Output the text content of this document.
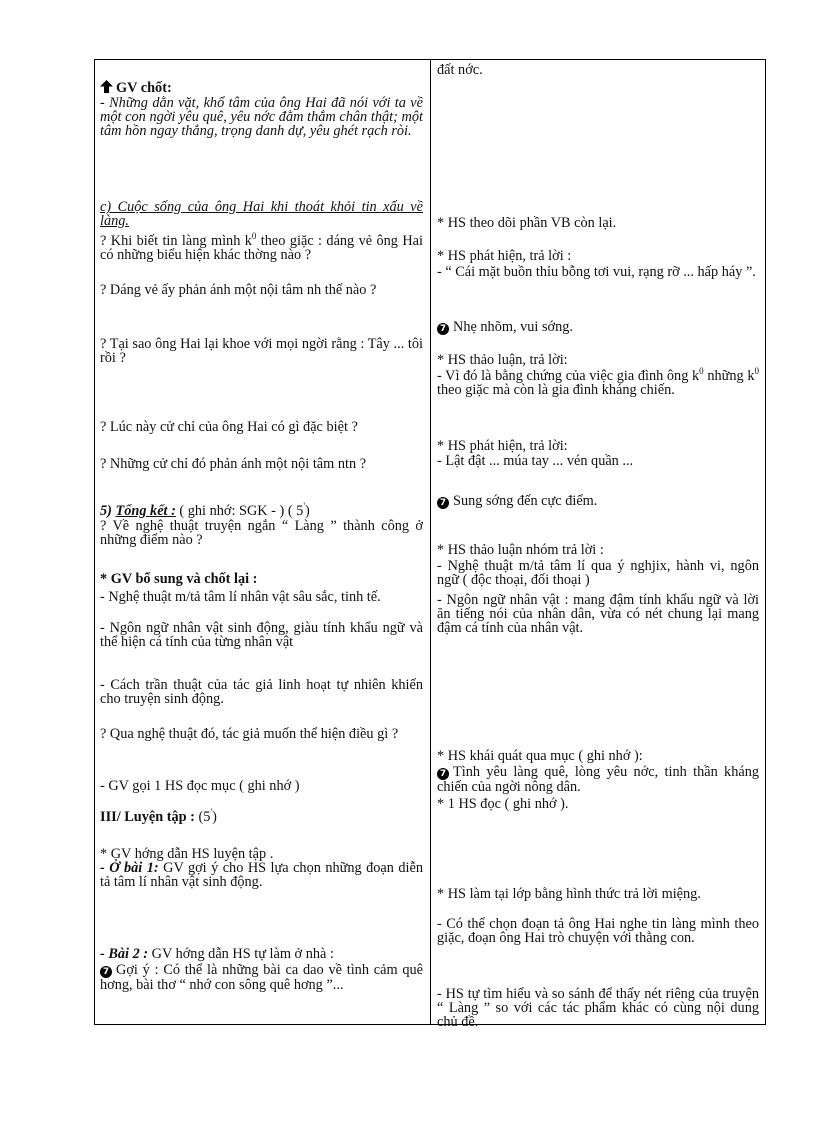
GV chốt:
- Những dằn vặt, khổ tâm của ông Hai đã nói với ta về một con ngời yêu quê, yêu nớc đằm thắm chân thật; một tâm hồn ngay thẳng, trọng danh dự, yêu ghét rạch ròi.
c) Cuộc sống của ông Hai khi thoát khỏi tin xấu về làng.
? Khi biết tin làng mình $k^0$ theo giặc : dáng vẻ ông Hai có những biểu hiện khác thờng nào ?
? Dáng vẻ ấy phản ánh một nội tâm nh thế nào ?
? Tại sao ông Hai lại khoe với mọi ngời rằng : Tây ... tôi rồi ?
? Lúc này cử chỉ của ông Hai có gì đặc biệt ?
? Những cử chỉ đó phản ánh một nội tâm ntn ?
5) Tổng kết : ( ghi nhớ: SGK - ) ( 5')
? Về nghệ thuật truyện ngắn “ Làng ” thành công ở những điểm nào ?
* GV bổ sung và chốt lại :
- Nghệ thuật m/tả tâm lí nhân vật sâu sắc, tinh tế.
- Ngôn ngữ nhân vật sinh động, giàu tính khẩu ngữ và thể hiện cá tính của từng nhân vật
- Cách trần thuật của tác giả linh hoạt tự nhiên khiến cho truyện sinh động.
? Qua nghệ thuật đó, tác giả muốn thể hiện điều gì ?
- GV gọi 1 HS đọc mục ( ghi nhớ )
III/ Luyện tập : (5')
* GV hớng dẫn HS luyện tập .
- Ở bài 1: GV gợi ý cho HS lựa chọn những đoạn diễn tả tâm lí nhân vật sinh động.
- Bài 2 : GV hớng dẫn HS tự làm ở nhà :
7 Gợi ý : Có thể là những bài ca dao về tình cảm quê hơng, bài thơ “ nhớ con sông quê hơng ”...
đất nớc.
* HS theo dõi phần VB còn lại.
* HS phát hiện, trả lời :
- “ Cái mặt buồn thỉu bỗng tơi vui, rạng rỡ ... hấp háy ”.
7 Nhẹ nhõm, vui sớng.
* HS thảo luận, trả lời:
- Vì đó là bằng chứng của việc gia đình ông $k^0$ những $k^0$ theo giặc mà còn là gia đình kháng chiến.
* HS phát hiện, trả lời:
- Lật đật ... múa tay ... vén quần ...
7 Sung sớng đến cực điểm.
* HS thảo luận nhóm trả lời :
- Nghệ thuật m/tả tâm lí qua ý nghjix, hành vi, ngôn ngữ ( độc thoại, đối thoại )
- Ngôn ngữ nhân vật : mang đậm tính khẩu ngữ và lời ăn tiếng nói của nhân dân, vừa có nét chung lại mang đậm cá tính của nhân vật.
* HS khái quát qua mục ( ghi nhớ ):
7 Tình yêu làng quê, lòng yêu nớc, tinh thần kháng chiến của ngời nông dân.
* 1 HS đọc ( ghi nhớ ).
* HS làm tại lớp bằng hình thức trả lời miệng.
- Có thể chọn đoạn tả ông Hai nghe tin làng mình theo giặc, đoạn ông Hai trò chuyện với thằng con.
- HS tự tìm hiểu và so sánh để thấy nét riêng của truyện “ Làng ” so với các tác phẩm khác có cùng nội dung chủ đề.
